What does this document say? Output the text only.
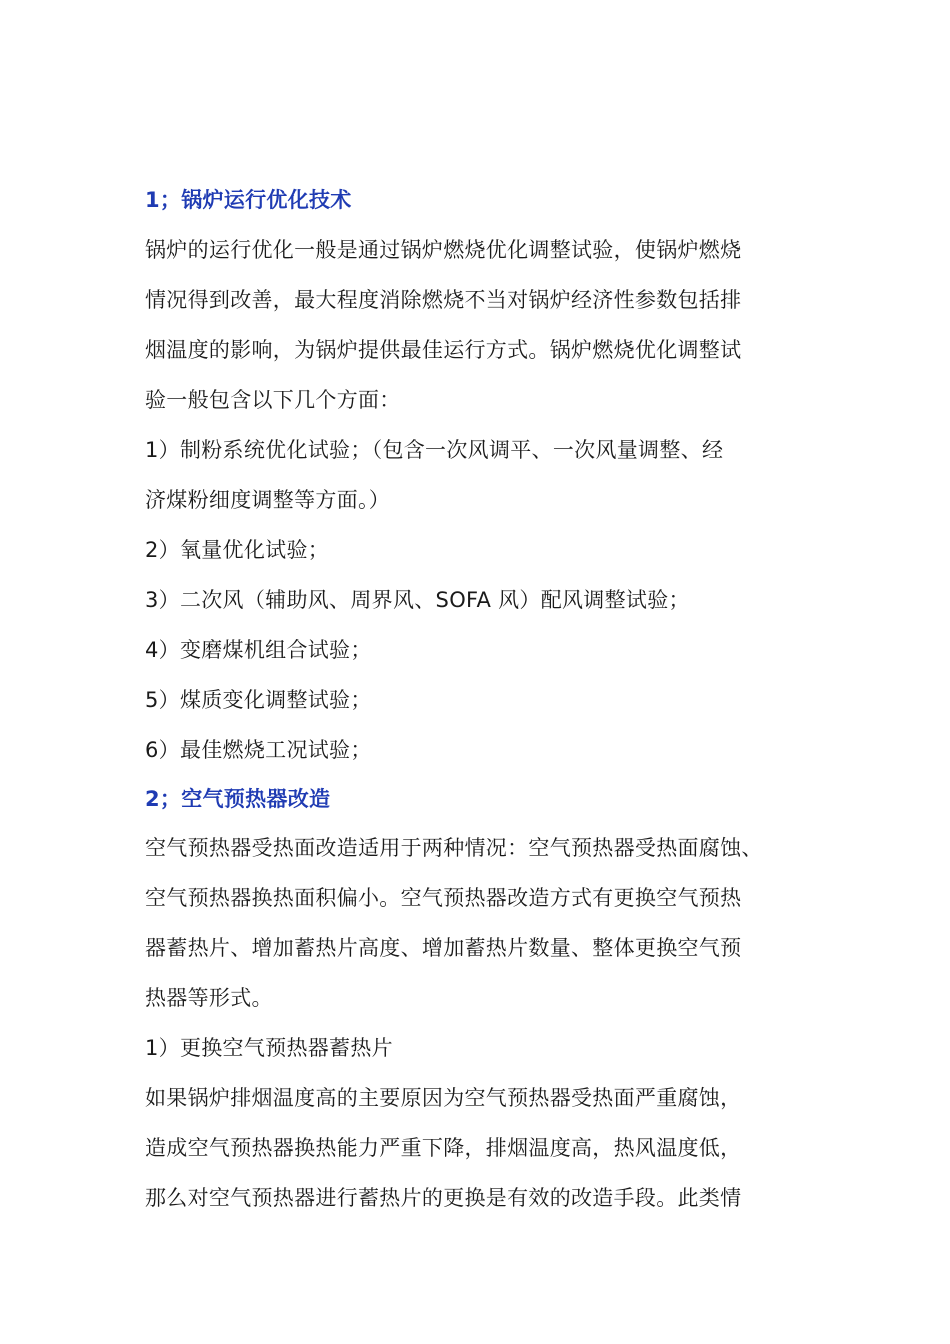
1；锅炉运行优化技术
锅炉的运行优化一般是通过锅炉燃烧优化调整试验，使锅炉燃烧
情况得到改善，最大程度消除燃烧不当对锅炉经济性参数包括排
烟温度的影响，为锅炉提供最佳运行方式。锅炉燃烧优化调整试
验一般包含以下几个方面：
1）制粉系统优化试验；（包含一次风调平、一次风量调整、经
济煤粉细度调整等方面。）
2）氧量优化试验；
3）二次风（辅助风、周界风、SOFA 风）配风调整试验；
4）变磨煤机组合试验；
5）煤质变化调整试验；
6）最佳燃烧工况试验；
2；空气预热器改造
空气预热器受热面改造适用于两种情况：空气预热器受热面腐蚀、
空气预热器换热面积偏小。空气预热器改造方式有更换空气预热
器蓄热片、增加蓄热片高度、增加蓄热片数量、整体更换空气预
热器等形式。
1）更换空气预热器蓄热片
如果锅炉排烟温度高的主要原因为空气预热器受热面严重腐蚀，
造成空气预热器换热能力严重下降，排烟温度高，热风温度低，
那么对空气预热器进行蓄热片的更换是有效的改造手段。此类情
